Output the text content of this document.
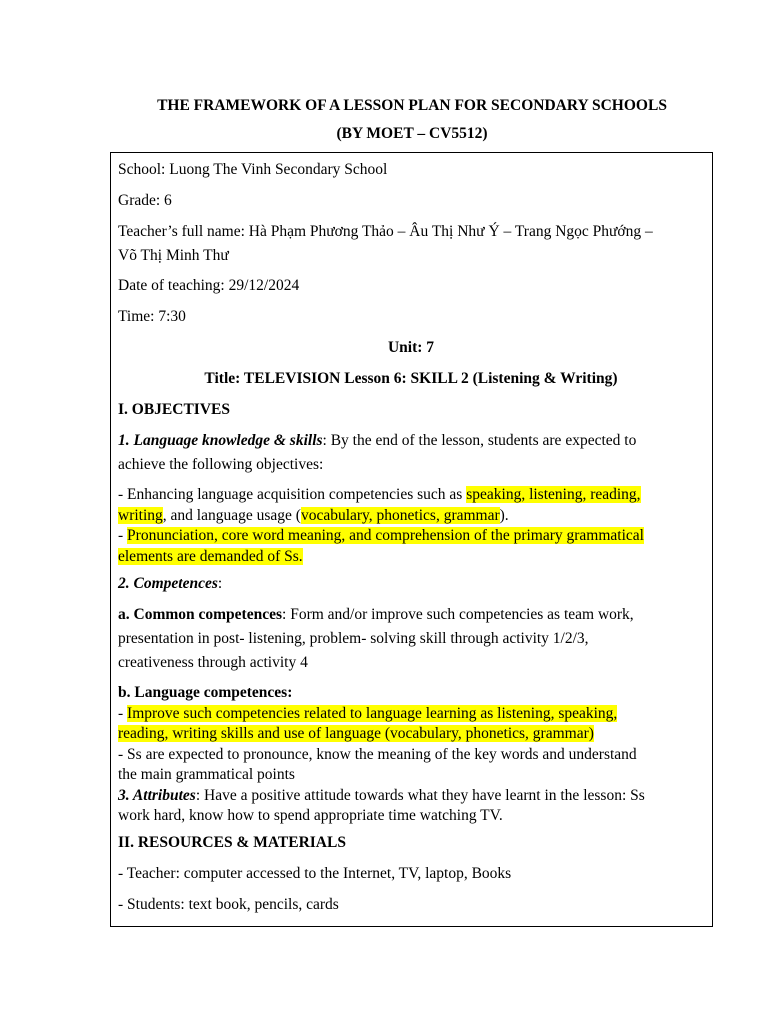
THE FRAMEWORK OF A LESSON PLAN FOR SECONDARY SCHOOLS
(BY MOET – CV5512)
School: Luong The Vinh Secondary School
Grade: 6
Teacher’s full name: Hà Phạm Phương Thảo – Âu Thị Như Ý – Trang Ngọc Phướng –
Võ Thị Minh Thư
Date of teaching: 29/12/2024
Time: 7:30
Unit: 7
Title: TELEVISION Lesson 6: SKILL 2 (Listening & Writing)
I. OBJECTIVES
1. Language knowledge & skills: By the end of the lesson, students are expected to
achieve the following objectives:
- Enhancing language acquisition competencies such as speaking, listening, reading,
writing, and language usage (vocabulary, phonetics, grammar).
- Pronunciation, core word meaning, and comprehension of the primary grammatical
elements are demanded of Ss.
2. Competences:
a. Common competences: Form and/or improve such competencies as team work,
presentation in post- listening, problem- solving skill through activity 1/2/3,
creativeness through activity 4
b. Language competences:
- Improve such competencies related to language learning as listening, speaking,
reading, writing skills and use of language (vocabulary, phonetics, grammar)
- Ss are expected to pronounce, know the meaning of the key words and understand
the main grammatical points
3. Attributes: Have a positive attitude towards what they have learnt in the lesson: Ss
work hard, know how to spend appropriate time watching TV.
II. RESOURCES & MATERIALS
- Teacher: computer accessed to the Internet, TV, laptop, Books
- Students: text book, pencils, cards
